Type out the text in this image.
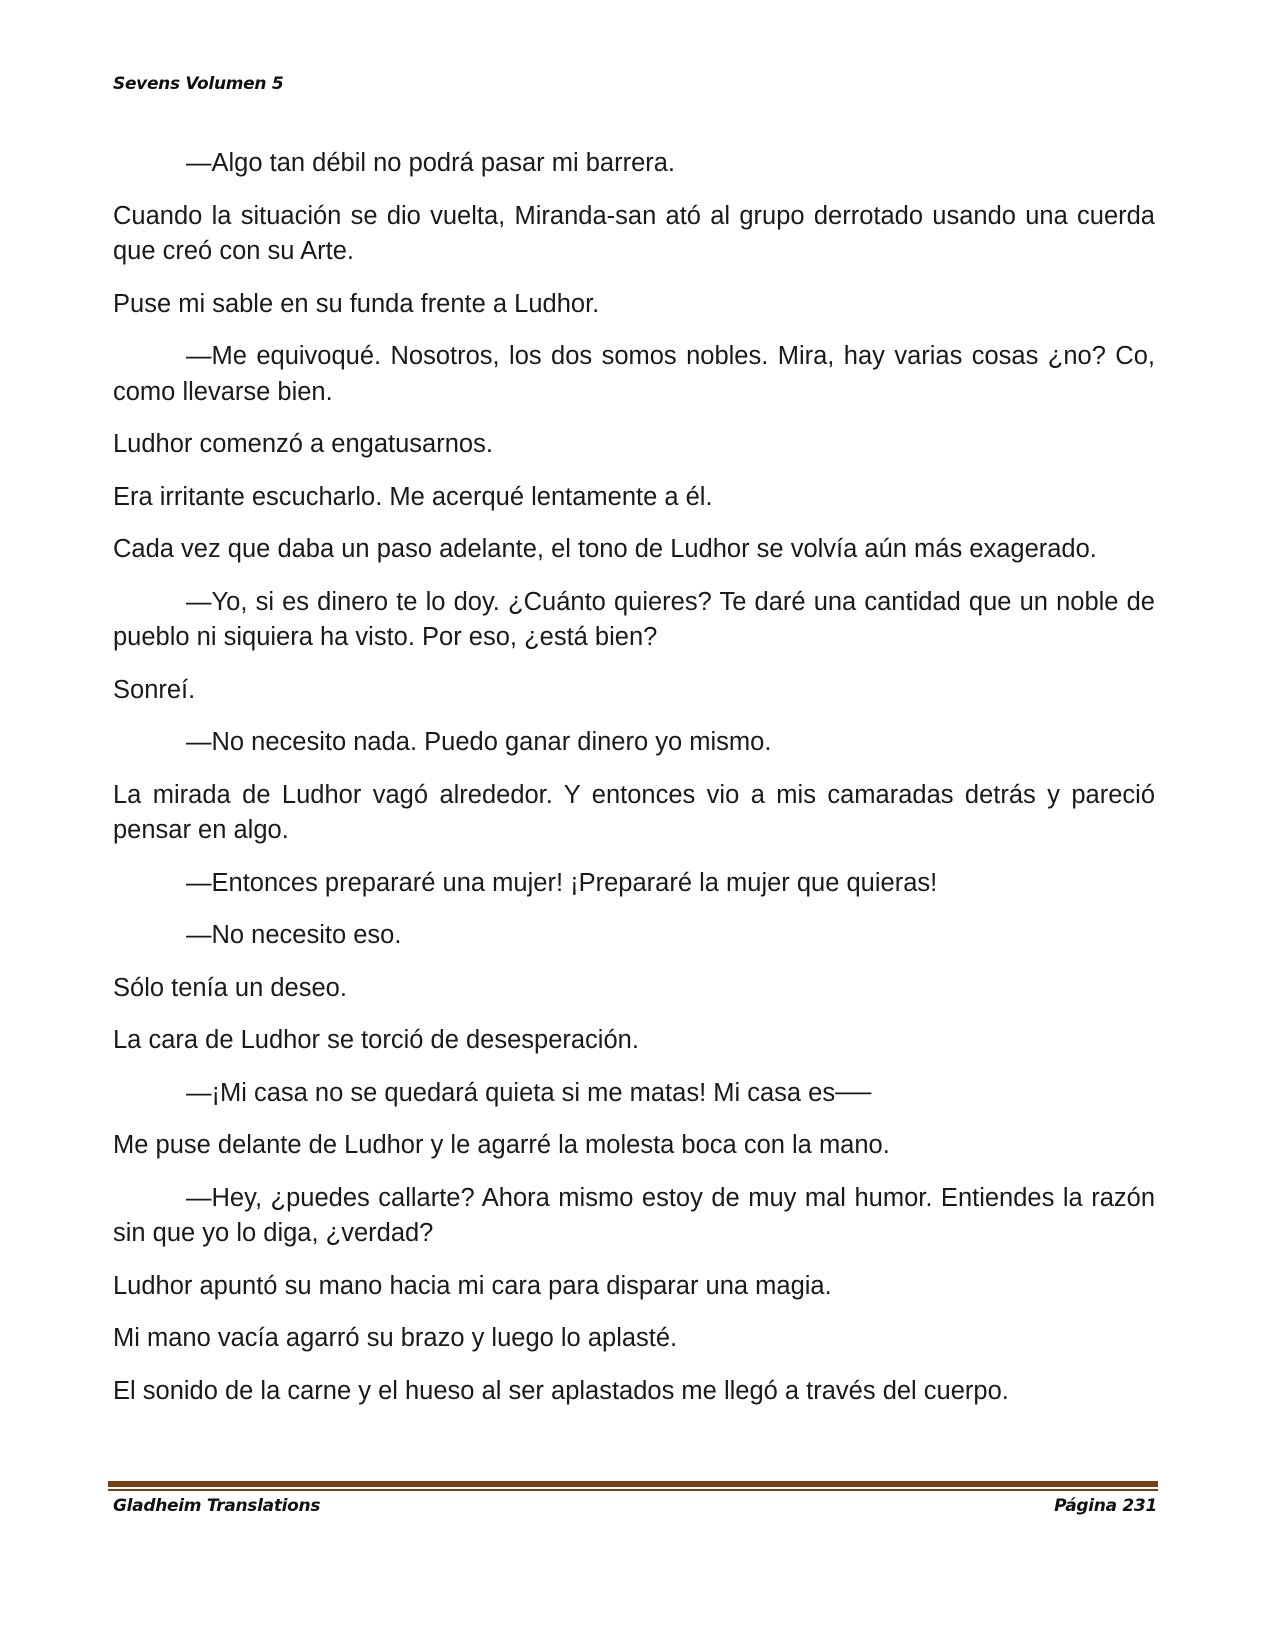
Sevens Volumen 5

—Algo tan débil no podrá pasar mi barrera.

Cuando la situación se dio vuelta, Miranda-san ató al grupo derrotado usando una cuerda que creó con su Arte.

Puse mi sable en su funda frente a Ludhor.

—Me equivoqué. Nosotros, los dos somos nobles. Mira, hay varias cosas ¿no? Co, como llevarse bien.

Ludhor comenzó a engatusarnos.

Era irritante escucharlo. Me acerqué lentamente a él.

Cada vez que daba un paso adelante, el tono de Ludhor se volvía aún más exagerado.

—Yo, si es dinero te lo doy. ¿Cuánto quieres? Te daré una cantidad que un noble de pueblo ni siquiera ha visto. Por eso, ¿está bien?

Sonreí.

—No necesito nada. Puedo ganar dinero yo mismo.

La mirada de Ludhor vagó alrededor. Y entonces vio a mis camaradas detrás y pareció pensar en algo.

—Entonces prepararé una mujer! ¡Prepararé la mujer que quieras!

—No necesito eso.

Sólo tenía un deseo.

La cara de Ludhor se torció de desesperación.

—¡Mi casa no se quedará quieta si me matas! Mi casa es──

Me puse delante de Ludhor y le agarré la molesta boca con la mano.

—Hey, ¿puedes callarte? Ahora mismo estoy de muy mal humor. Entiendes la razón sin que yo lo diga, ¿verdad?

Ludhor apuntó su mano hacia mi cara para disparar una magia.

Mi mano vacía agarró su brazo y luego lo aplasté.

El sonido de la carne y el hueso al ser aplastados me llegó a través del cuerpo.

Gladheim Translations	Página 231
